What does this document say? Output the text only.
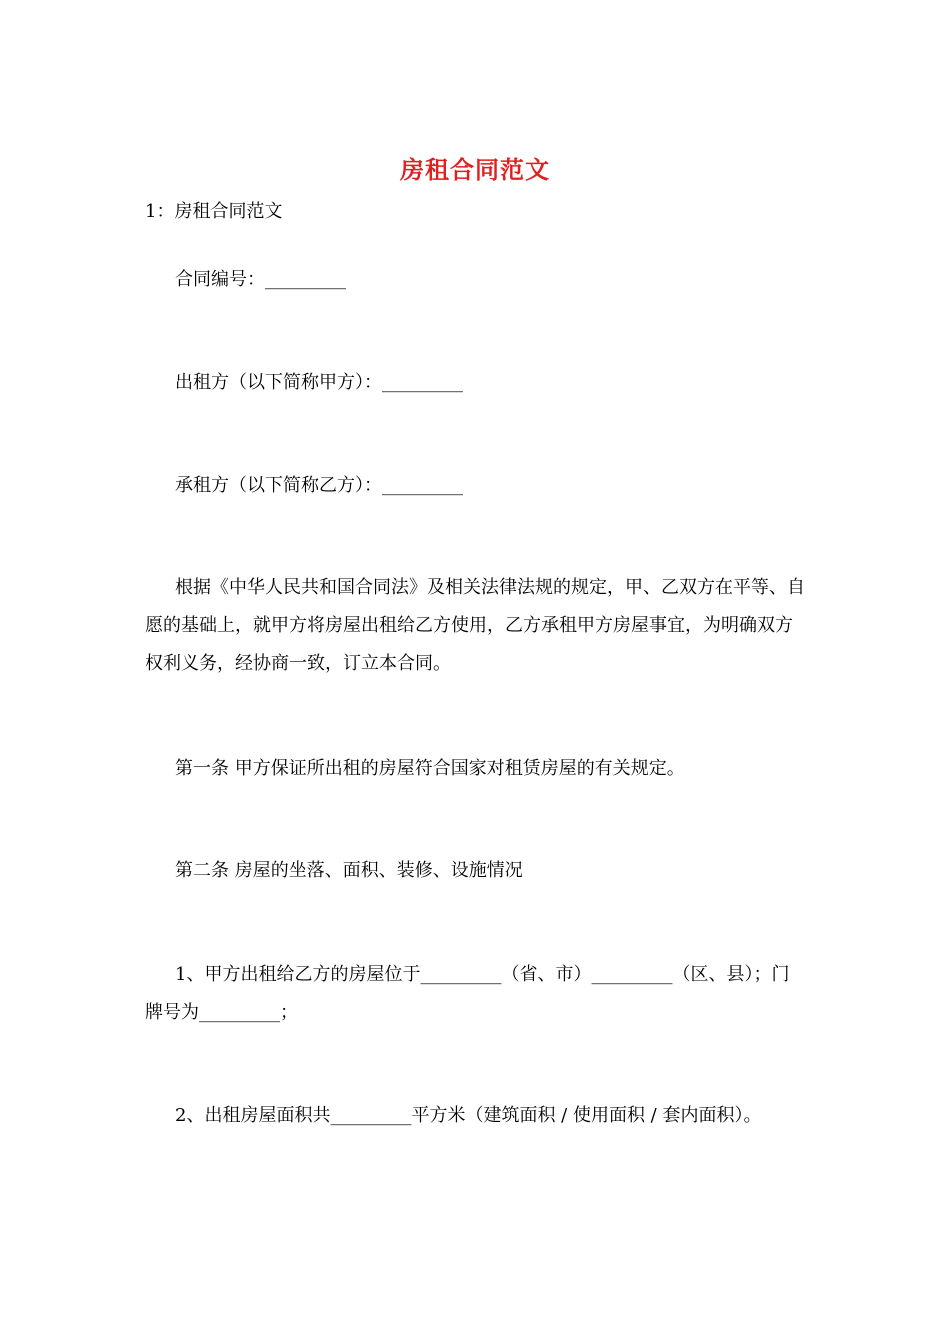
房租合同范文
1：房租合同范文
合同编号：_________
出租方（以下简称甲方）：_________
承租方（以下简称乙方）：_________
根据《中华人民共和国合同法》及相关法律法规的规定，甲、乙双方在平等、自愿的基础上，就甲方将房屋出租给乙方使用，乙方承租甲方房屋事宜，为明确双方权利义务，经协商一致，订立本合同。
第一条 甲方保证所出租的房屋符合国家对租赁房屋的有关规定。
第二条 房屋的坐落、面积、装修、设施情况
1、甲方出租给乙方的房屋位于_________（省、市）_________（区、县）；门牌号为_________；
2、出租房屋面积共_________平方米（建筑面积 / 使用面积 / 套内面积）。
